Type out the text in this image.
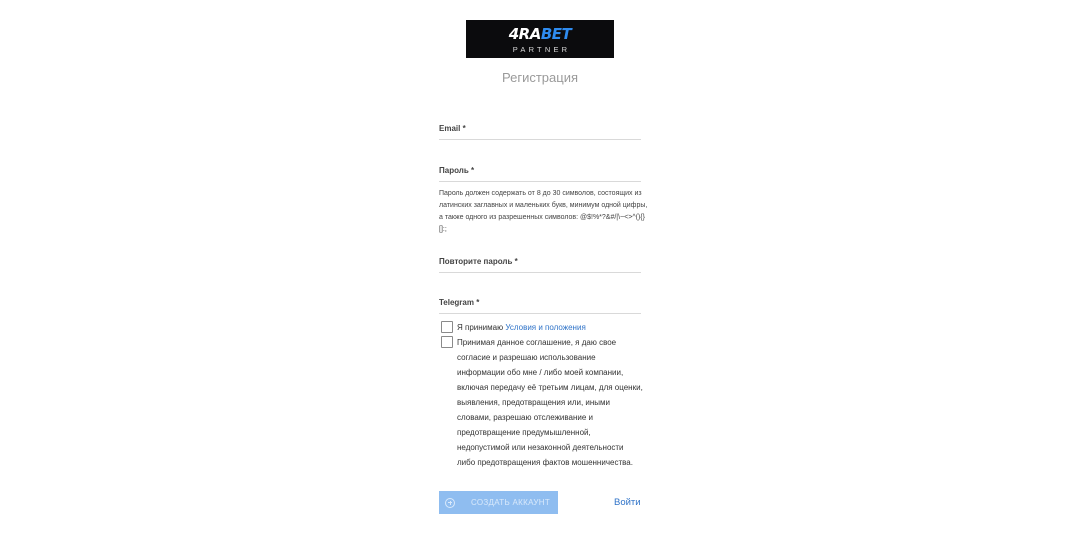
4RABET
PARTNER
Регистрация
Email *
Пароль *
Пароль должен содержать от 8 до 30 символов, состоящих из латинских заглавных и маленьких букв, минимум одной цифры, а также одного из разрешенных символов: @$!%*?&#/|\~<>^(){}[]:;
Повторите пароль *
Telegram *
Я принимаю Условия и положения
Принимая данное соглашение, я даю свое согласие и разрешаю использование информации обо мне / либо моей компании, включая передачу её третьим лицам, для оценки, выявления, предотвращения или, иными словами, разрешаю отслеживание и предотвращение предумышленной, недопустимой или незаконной деятельности либо предотвращения фактов мошенничества.
СОЗДАТЬ АККАУНТ	Войти
